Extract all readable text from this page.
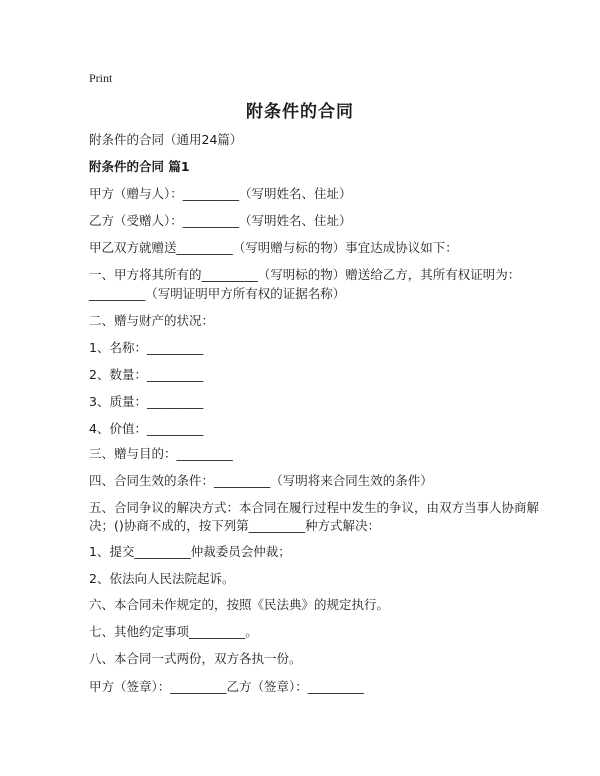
Print
附条件的合同
附条件的合同（通用24篇）
附条件的合同 篇1
甲方（赠与人）：_________（写明姓名、住址）
乙方（受赠人）：_________（写明姓名、住址）
甲乙双方就赠送_________（写明赠与标的物）事宜达成协议如下：
一、甲方将其所有的_________（写明标的物）赠送给乙方，其所有权证明为：
_________（写明证明甲方所有权的证据名称）
二、赠与财产的状况：
1、名称：_________
2、数量：_________
3、质量：_________
4、价值：_________
三、赠与目的：_________
四、合同生效的条件：_________（写明将来合同生效的条件）
五、合同争议的解决方式：本合同在履行过程中发生的争议，由双方当事人协商解
决；()协商不成的，按下列第_________种方式解决：
1、提交_________仲裁委员会仲裁；
2、依法向人民法院起诉。
六、本合同未作规定的，按照《民法典》的规定执行。
七、其他约定事项_________。
八、本合同一式两份，双方各执一份。
甲方（签章）：_________乙方（签章）：_________
